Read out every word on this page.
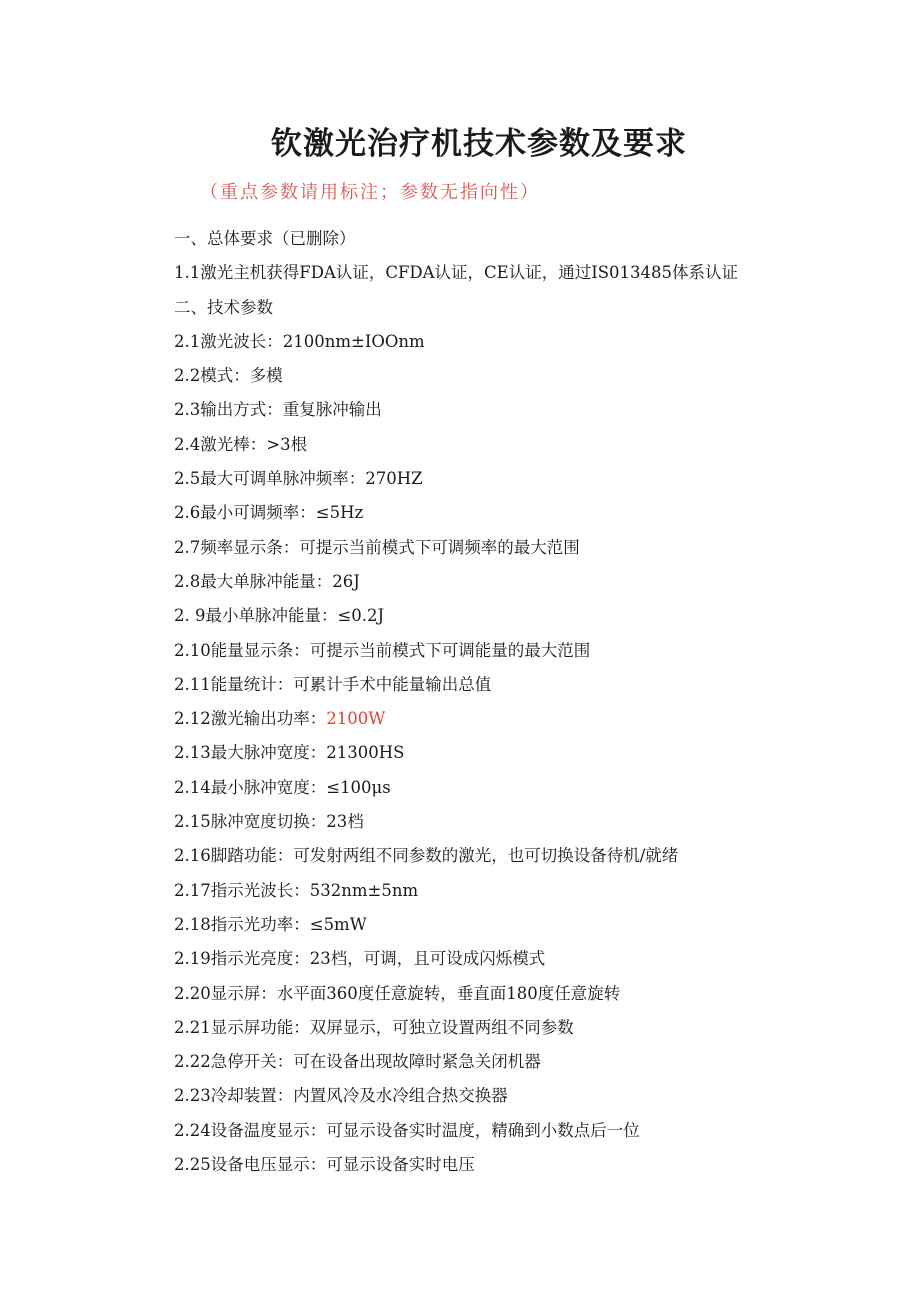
钦激光治疗机技术参数及要求

（重点参数请用标注；参数无指向性）

一、总体要求（已删除）
1.1激光主机获得FDA认证，CFDA认证，CE认证，通过IS013485体系认证
二、技术参数
2.1激光波长：2100nm±IOOnm
2.2模式：多模
2.3输出方式：重复脉冲输出
2.4激光棒：>3根
2.5最大可调单脉冲频率：270HZ
2.6最小可调频率：≤5Hz
2.7频率显示条：可提示当前模式下可调频率的最大范围
2.8最大单脉冲能量：26J
2. 9最小单脉冲能量：≤0.2J
2.10能量显示条：可提示当前模式下可调能量的最大范围
2.11能量统计：可累计手术中能量输出总值
2.12激光输出功率：2100W
2.13最大脉冲宽度：21300HS
2.14最小脉冲宽度：≤100μs
2.15脉冲宽度切换：23档
2.16脚踏功能：可发射两组不同参数的激光，也可切换设备待机/就绪
2.17指示光波长：532nm±5nm
2.18指示光功率：≤5mW
2.19指示光亮度：23档，可调，且可设成闪烁模式
2.20显示屏：水平面360度任意旋转，垂直面180度任意旋转
2.21显示屏功能：双屏显示，可独立设置两组不同参数
2.22急停开关：可在设备出现故障时紧急关闭机器
2.23冷却装置：内置风冷及水冷组合热交换器
2.24设备温度显示：可显示设备实时温度，精确到小数点后一位
2.25设备电压显示：可显示设备实时电压
